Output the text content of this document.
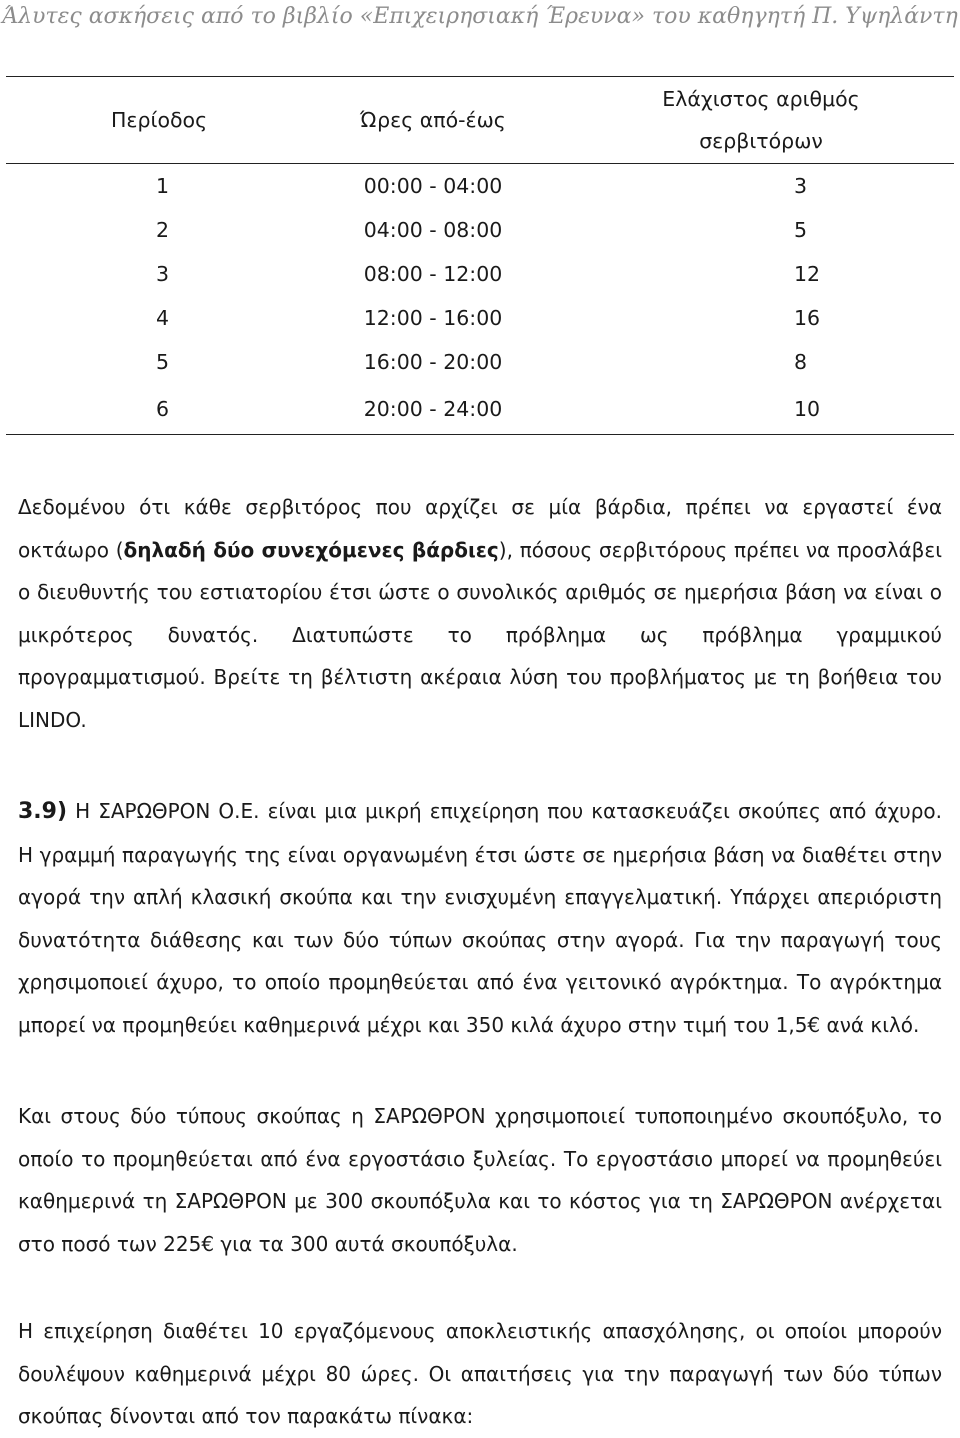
Άλυτες ασκήσεις από το βιβλίο «Επιχειρησιακή Έρευνα» του καθηγητή Π. Υψηλάντη
Περίοδος	Ώρες από-έως	Ελάχιστος αριθμός
σερβιτόρων

1	00:00 - 04:00	3
2	04:00 - 08:00	5
3	08:00 - 12:00	12
4	12:00 - 16:00	16
5	16:00 - 20:00	8
6	20:00 - 24:00	10

Δεδομένου ότι κάθε σερβιτόρος που αρχίζει σε μία βάρδια, πρέπει να εργαστεί ένα οκτάωρο (δηλαδή δύο συνεχόμενες βάρδιες), πόσους σερβιτόρους πρέπει να προσλάβει ο διευθυντής του εστιατορίου έτσι ώστε ο συνολικός αριθμός σε ημερήσια βάση να είναι ο μικρότερος δυνατός. Διατυπώστε το πρόβλημα ως πρόβλημα γραμμικού προγραμματισμού. Βρείτε τη βέλτιστη ακέραια λύση του προβλήματος με τη βοήθεια του LINDO.

3.9) Η ΣΑΡΩΘΡΟΝ Ο.Ε. είναι μια μικρή επιχείρηση που κατασκευάζει σκούπες από άχυρο. Η γραμμή παραγωγής της είναι οργανωμένη έτσι ώστε σε ημερήσια βάση να διαθέτει στην αγορά την απλή κλασική σκούπα και την ενισχυμένη επαγγελματική. Υπάρχει απεριόριστη δυνατότητα διάθεσης και των δύο τύπων σκούπας στην αγορά. Για την παραγωγή τους χρησιμοποιεί άχυρο, το οποίο προμηθεύεται από ένα γειτονικό αγρόκτημα. Το αγρόκτημα μπορεί να προμηθεύει καθημερινά μέχρι και 350 κιλά άχυρο στην τιμή του 1,5€ ανά κιλό.

Και στους δύο τύπους σκούπας η ΣΑΡΩΘΡΟΝ χρησιμοποιεί τυποποιημένο σκουπόξυλο, το οποίο το προμηθεύεται από ένα εργοστάσιο ξυλείας. Το εργοστάσιο μπορεί να προμηθεύει καθημερινά τη ΣΑΡΩΘΡΟΝ με 300 σκουπόξυλα και το κόστος για τη ΣΑΡΩΘΡΟΝ ανέρχεται στο ποσό των 225€ για τα 300 αυτά σκουπόξυλα.

Η επιχείρηση διαθέτει 10 εργαζόμενους αποκλειστικής απασχόλησης, οι οποίοι μπορούν δουλέψουν καθημερινά μέχρι 80 ώρες. Οι απαιτήσεις για την παραγωγή των δύο τύπων σκούπας δίνονται από τον παρακάτω πίνακα:
